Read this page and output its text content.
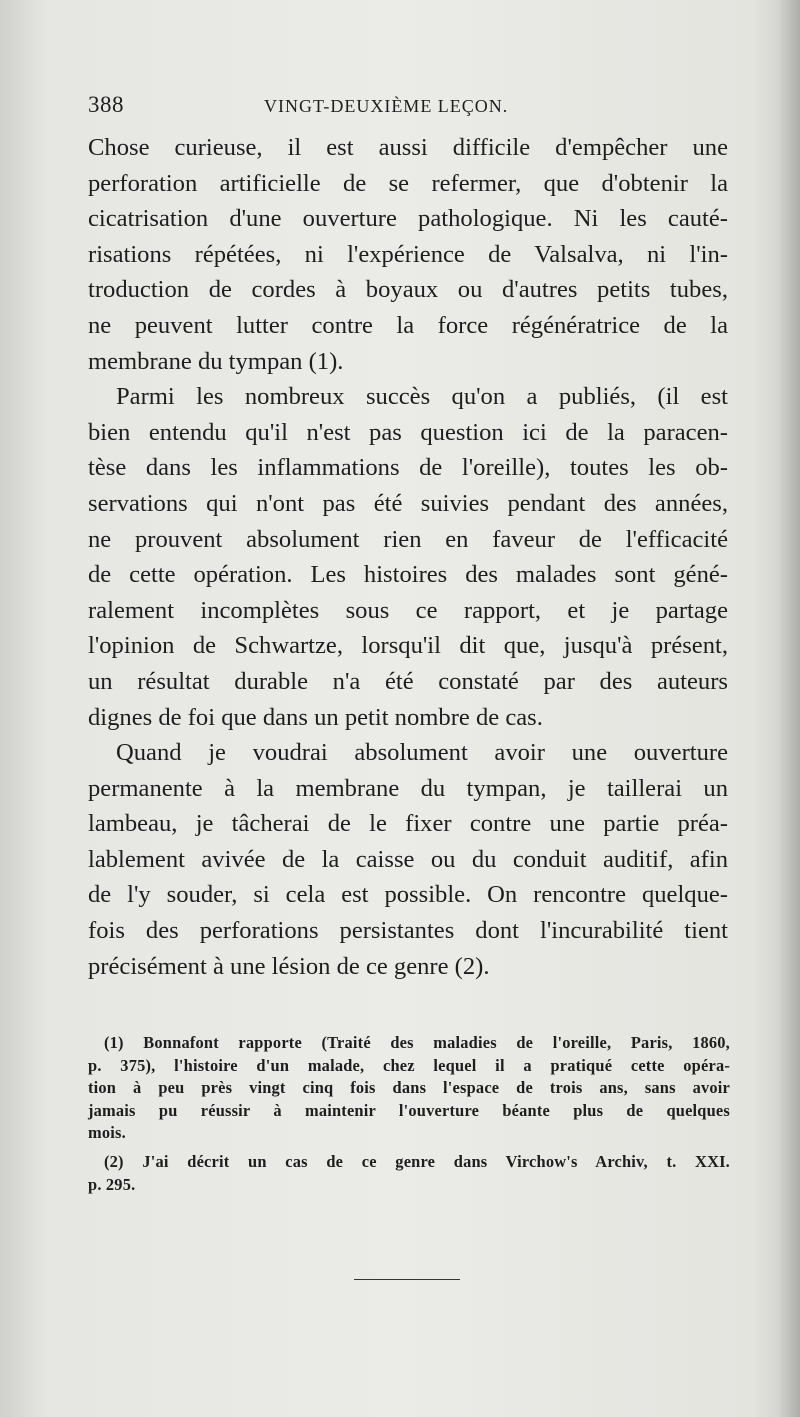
388	VINGT-DEUXIÈME LEÇON.
Chose curieuse, il est aussi difficile d'empêcher une
perforation artificielle de se refermer, que d'obtenir la
cicatrisation d'une ouverture pathologique. Ni les cauté-
risations répétées, ni l'expérience de Valsalva, ni l'in-
troduction de cordes à boyaux ou d'autres petits tubes,
ne peuvent lutter contre la force régénératrice de la
membrane du tympan (1).
Parmi les nombreux succès qu'on a publiés, (il est
bien entendu qu'il n'est pas question ici de la paracen-
tèse dans les inflammations de l'oreille), toutes les ob-
servations qui n'ont pas été suivies pendant des années,
ne prouvent absolument rien en faveur de l'efficacité
de cette opération. Les histoires des malades sont géné-
ralement incomplètes sous ce rapport, et je partage
l'opinion de Schwartze, lorsqu'il dit que, jusqu'à présent,
un résultat durable n'a été constaté par des auteurs
dignes de foi que dans un petit nombre de cas.
Quand je voudrai absolument avoir une ouverture
permanente à la membrane du tympan, je taillerai un
lambeau, je tâcherai de le fixer contre une partie préa-
lablement avivée de la caisse ou du conduit auditif, afin
de l'y souder, si cela est possible. On rencontre quelque-
fois des perforations persistantes dont l'incurabilité tient
précisément à une lésion de ce genre (2).
(1) Bonnafont rapporte (Traité des maladies de l'oreille, Paris, 1860,
p. 375), l'histoire d'un malade, chez lequel il a pratiqué cette opéra-
tion à peu près vingt cinq fois dans l'espace de trois ans, sans avoir
jamais pu réussir à maintenir l'ouverture béante plus de quelques
mois.
(2) J'ai décrit un cas de ce genre dans Virchow's Archiv, t. XXI.
p. 295.
